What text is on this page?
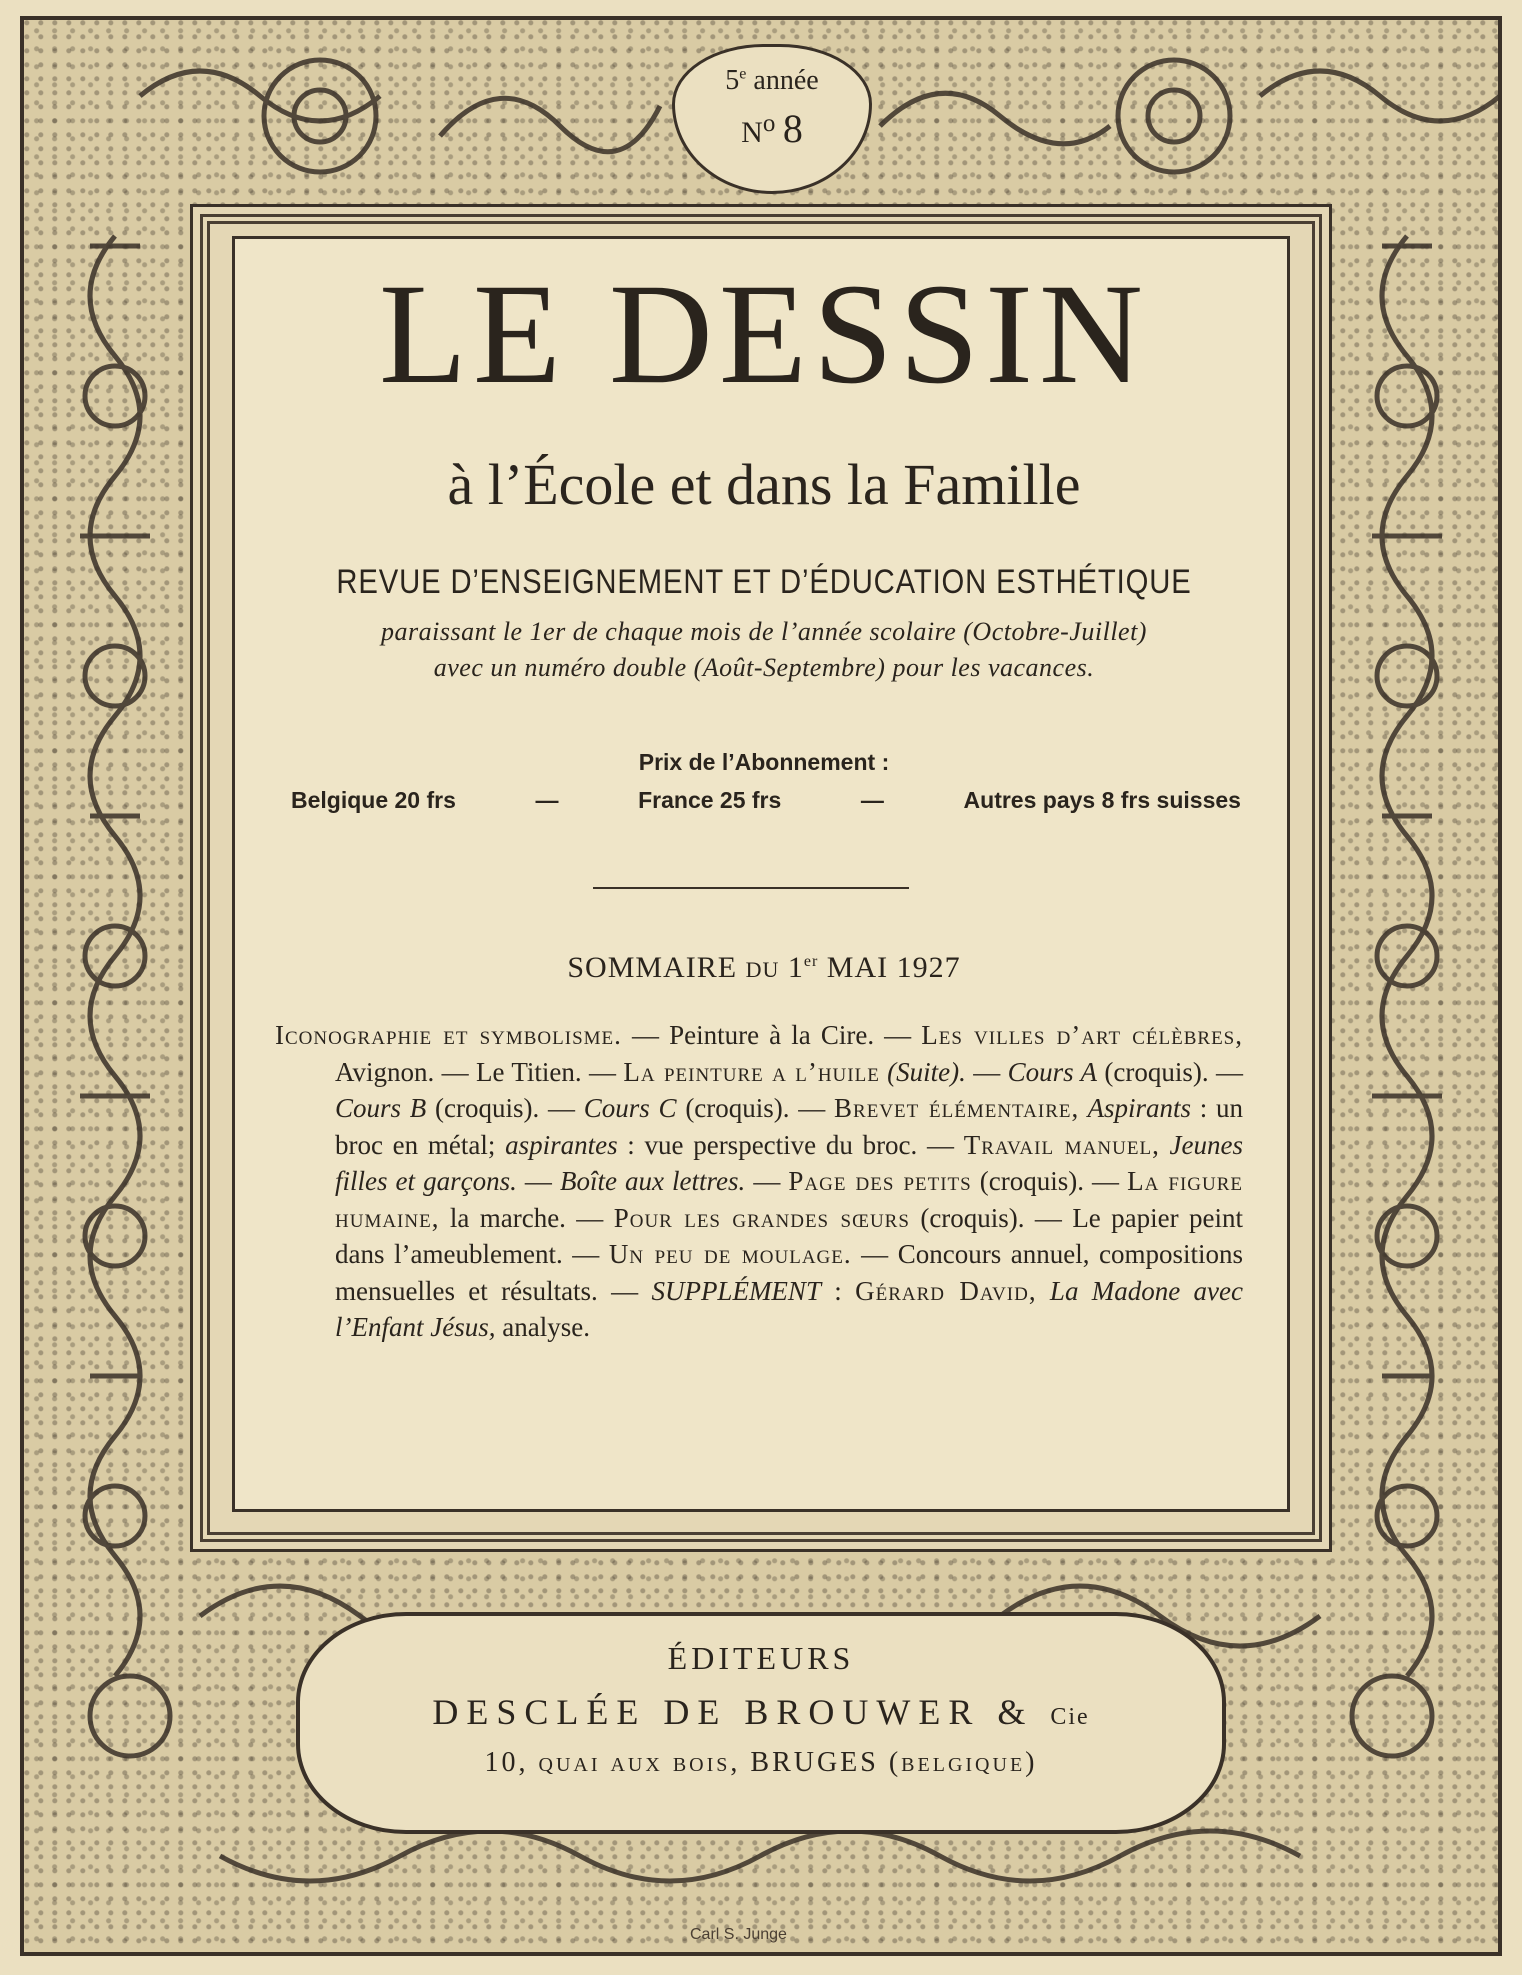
5e année
$N^o$ 8
LE DESSIN
à l’École et dans la Famille
REVUE D’ENSEIGNEMENT ET D’ÉDUCATION ESTHÉTIQUE
paraissant le 1er de chaque mois de l’année scolaire (Octobre-Juillet)
avec un numéro double (Août-Septembre) pour les vacances.
Prix de l’Abonnement :
Belgique 20 frs	—	France 25 frs	—	Autres pays 8 frs suisses
SOMMAIRE DU 1er MAI 1927
Iconographie et symbolisme. — Peinture à la Cire. — Les villes d’art célèbres, Avignon. — Le Titien. — La peinture a l’huile (Suite). — Cours A (croquis). — Cours B (croquis). — Cours C (croquis). — Brevet élémentaire, Aspirants : un broc en métal; aspirantes : vue perspective du broc. — Travail manuel, Jeunes filles et garçons. — Boîte aux lettres. — Page des petits (croquis). — La figure humaine, la marche. — Pour les grandes sœurs (croquis). — Le papier peint dans l’ameublement. — Un peu de moulage. — Concours annuel, compositions mensuelles et résultats. — SUPPLÉMENT : Gérard David, La Madone avec l’Enfant Jésus, analyse.
ÉDITEURS
DESCLÉE DE BROUWER & Cie
10, quai aux bois, BRUGES (belgique)
Carl S. Junge
